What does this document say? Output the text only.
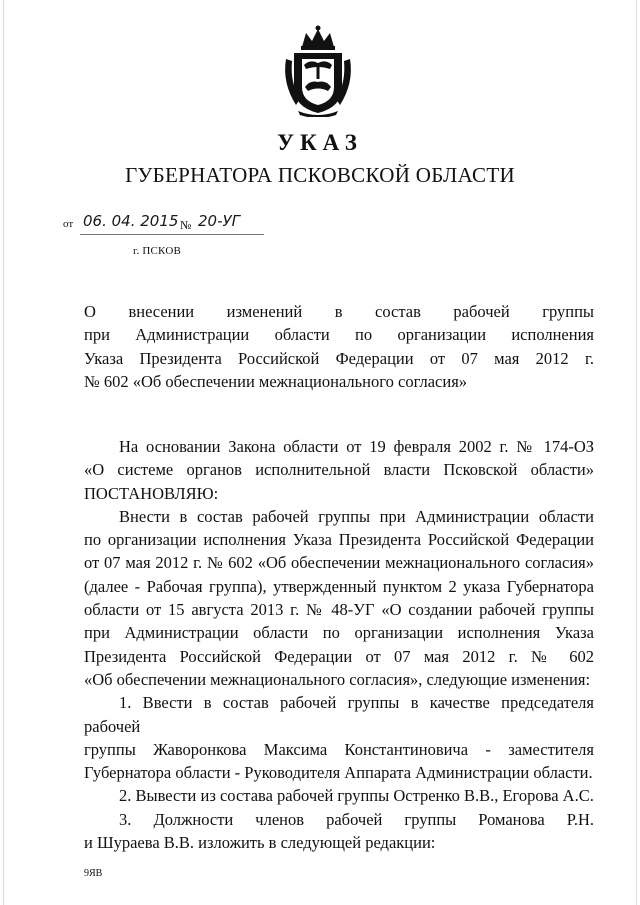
УКАЗ
ГУБЕРНАТОРА ПСКОВСКОЙ ОБЛАСТИ
от 06. 04. 2015 № 20-УГ
г. ПСКОВ
О внесении изменений в состав рабочей группы
при Администрации области по организации исполнения
Указа Президента Российской Федерации от 07 мая 2012 г.
№ 602 «Об обеспечении межнационального согласия»
На основании Закона области от 19 февраля 2002 г. № 174-ОЗ
«О системе органов исполнительной власти Псковской области»
ПОСТАНОВЛЯЮ:
Внести в состав рабочей группы при Администрации области
по организации исполнения Указа Президента Российской Федерации
от 07 мая 2012 г. № 602 «Об обеспечении межнационального согласия»
(далее - Рабочая группа), утвержденный пунктом 2 указа Губернатора
области от 15 августа 2013 г. № 48-УГ «О создании рабочей группы
при Администрации области по организации исполнения Указа
Президента Российской Федерации от 07 мая 2012 г. № 602
«Об обеспечении межнационального согласия», следующие изменения:
1. Ввести в состав рабочей группы в качестве председателя рабочей
группы Жаворонкова Максима Константиновича - заместителя
Губернатора области - Руководителя Аппарата Администрации области.
2. Вывести из состава рабочей группы Остренко В.В., Егорова А.С.
3. Должности членов рабочей группы Романова Р.Н.
и Шураева В.В. изложить в следующей редакции:
9ЯВ
